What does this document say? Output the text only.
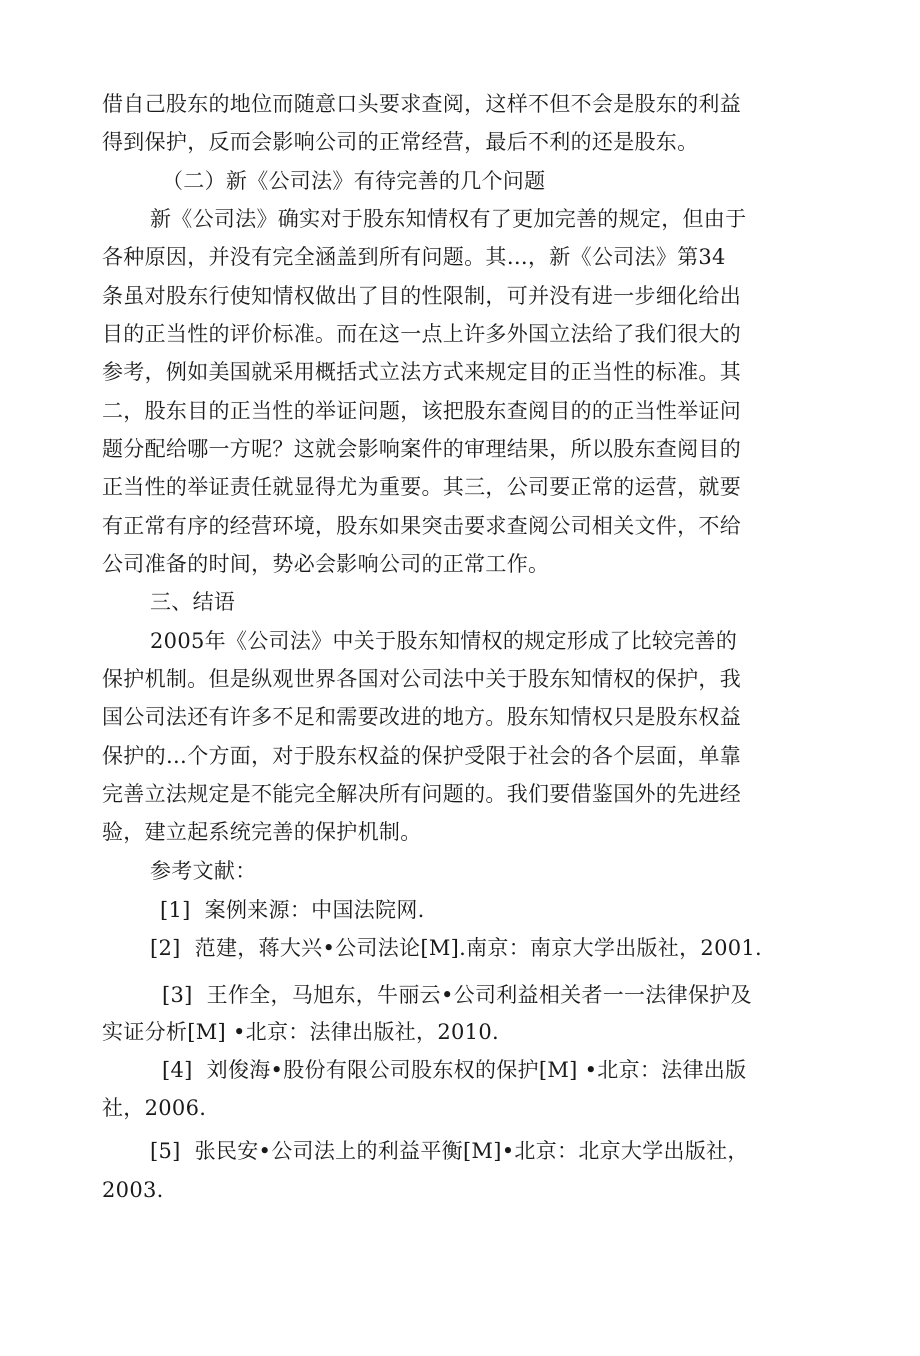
借自己股东的地位而随意口头要求查阅，这样不但不会是股东的利益
得到保护，反而会影响公司的正常经营，最后不利的还是股东。
（二）新《公司法》有待完善的几个问题
新《公司法》确实对于股东知情权有了更加完善的规定，但由于
各种原因，并没有完全涵盖到所有问题。其…，新《公司法》第34
条虽对股东行使知情权做出了目的性限制，可并没有进一步细化给出
目的正当性的评价标准。而在这一点上许多外国立法给了我们很大的
参考，例如美国就采用概括式立法方式来规定目的正当性的标准。其
二，股东目的正当性的举证问题，该把股东查阅目的的正当性举证问
题分配给哪一方呢？这就会影响案件的审理结果，所以股东查阅目的
正当性的举证责任就显得尤为重要。其三，公司要正常的运营，就要
有正常有序的经营环境，股东如果突击要求查阅公司相关文件，不给
公司准备的时间，势必会影响公司的正常工作。
三、结语
2005年《公司法》中关于股东知情权的规定形成了比较完善的
保护机制。但是纵观世界各国对公司法中关于股东知情权的保护，我
国公司法还有许多不足和需要改进的地方。股东知情权只是股东权益
保护的…个方面，对于股东权益的保护受限于社会的各个层面，单靠
完善立法规定是不能完全解决所有问题的。我们要借鉴国外的先进经
验，建立起系统完善的保护机制。
参考文献：
[1] 案例来源：中国法院网.
[2] 范建，蒋大兴•公司法论[M].南京：南京大学出版社，2001.
[3] 王作全，马旭东，牛丽云•公司利益相关者一一法律保护及
实证分析[M] •北京：法律出版社，2010.
[4] 刘俊海•股份有限公司股东权的保护[M] •北京：法律出版
社，2006.
[5] 张民安•公司法上的利益平衡[M]•北京：北京大学出版社，
2003.
